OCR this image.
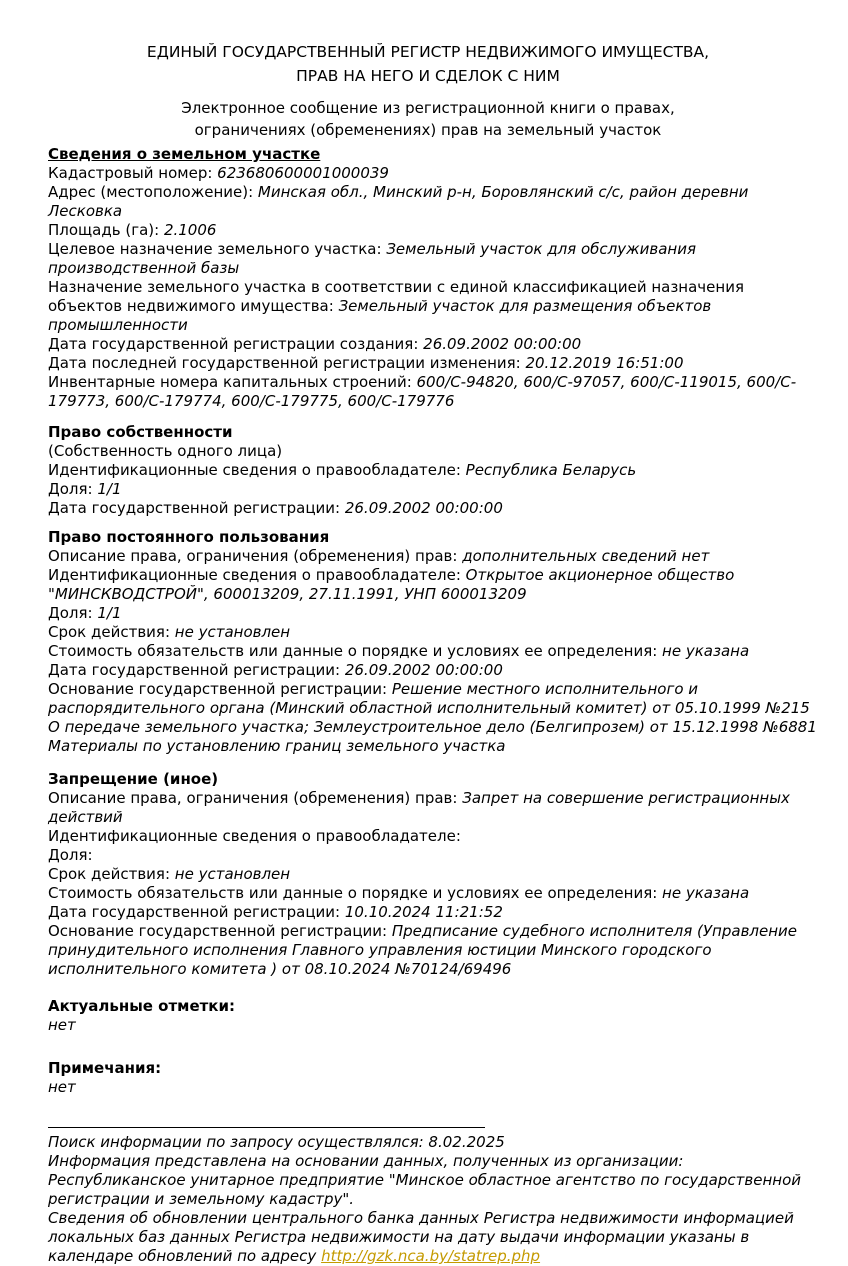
ЕДИНЫЙ ГОСУДАРСТВЕННЫЙ РЕГИСТР НЕДВИЖИМОГО ИМУЩЕСТВА,
ПРАВ НА НЕГО И СДЕЛОК С НИМ
Электронное сообщение из регистрационной книги о правах,
ограничениях (обременениях) прав на земельный участок
Сведения о земельном участке
Кадастровый номер: 623680600001000039
Адрес (местоположение): Минская обл., Минский р-н, Боровлянский с/с, район деревни Лесковка
Площадь (га): 2.1006
Целевое назначение земельного участка: Земельный участок для обслуживания производственной базы
Назначение земельного участка в соответствии с единой классификацией назначения объектов недвижимого имущества: Земельный участок для размещения объектов промышленности
Дата государственной регистрации создания: 26.09.2002 00:00:00
Дата последней государственной регистрации изменения: 20.12.2019 16:51:00
Инвентарные номера капитальных строений: 600/C-94820, 600/C-97057, 600/C-119015, 600/C-179773, 600/C-179774, 600/C-179775, 600/C-179776
Право собственности
(Собственность одного лица)
Идентификационные сведения о правообладателе: Республика Беларусь
Доля: 1/1
Дата государственной регистрации: 26.09.2002 00:00:00
Право постоянного пользования
Описание права, ограничения (обременения) прав: дополнительных сведений нет
Идентификационные сведения о правообладателе: Открытое акционерное общество "МИНСКВОДСТРОЙ", 600013209, 27.11.1991, УНП 600013209
Доля: 1/1
Срок действия: не установлен
Стоимость обязательств или данные о порядке и условиях ее определения: не указана
Дата государственной регистрации: 26.09.2002 00:00:00
Основание государственной регистрации: Решение местного исполнительного и распорядительного органа (Минский областной исполнительный комитет) от 05.10.1999 №215 О передаче земельного участка; Землеустроительное дело (Белгипрозем) от 15.12.1998 №6881 Материалы по установлению границ земельного участка
Запрещение (иное)
Описание права, ограничения (обременения) прав: Запрет на совершение регистрационных действий
Идентификационные сведения о правообладателе:
Доля:
Срок действия: не установлен
Стоимость обязательств или данные о порядке и условиях ее определения: не указана
Дата государственной регистрации: 10.10.2024 11:21:52
Основание государственной регистрации: Предписание судебного исполнителя (Управление принудительного исполнения Главного управления юстиции Минского городского исполнительного комитета ) от 08.10.2024 №70124/69496
Актуальные отметки:
нет
Примечания:
нет
Поиск информации по запросу осуществлялся: 8.02.2025
Информация представлена на основании данных, полученных из организации: Республиканское унитарное предприятие "Минское областное агентство по государственной регистрации и земельному кадастру".
Сведения об обновлении центрального банка данных Регистра недвижимости информацией локальных баз данных Регистра недвижимости на дату выдачи информации указаны в календаре обновлений по адресу http://gzk.nca.by/statrep.php
